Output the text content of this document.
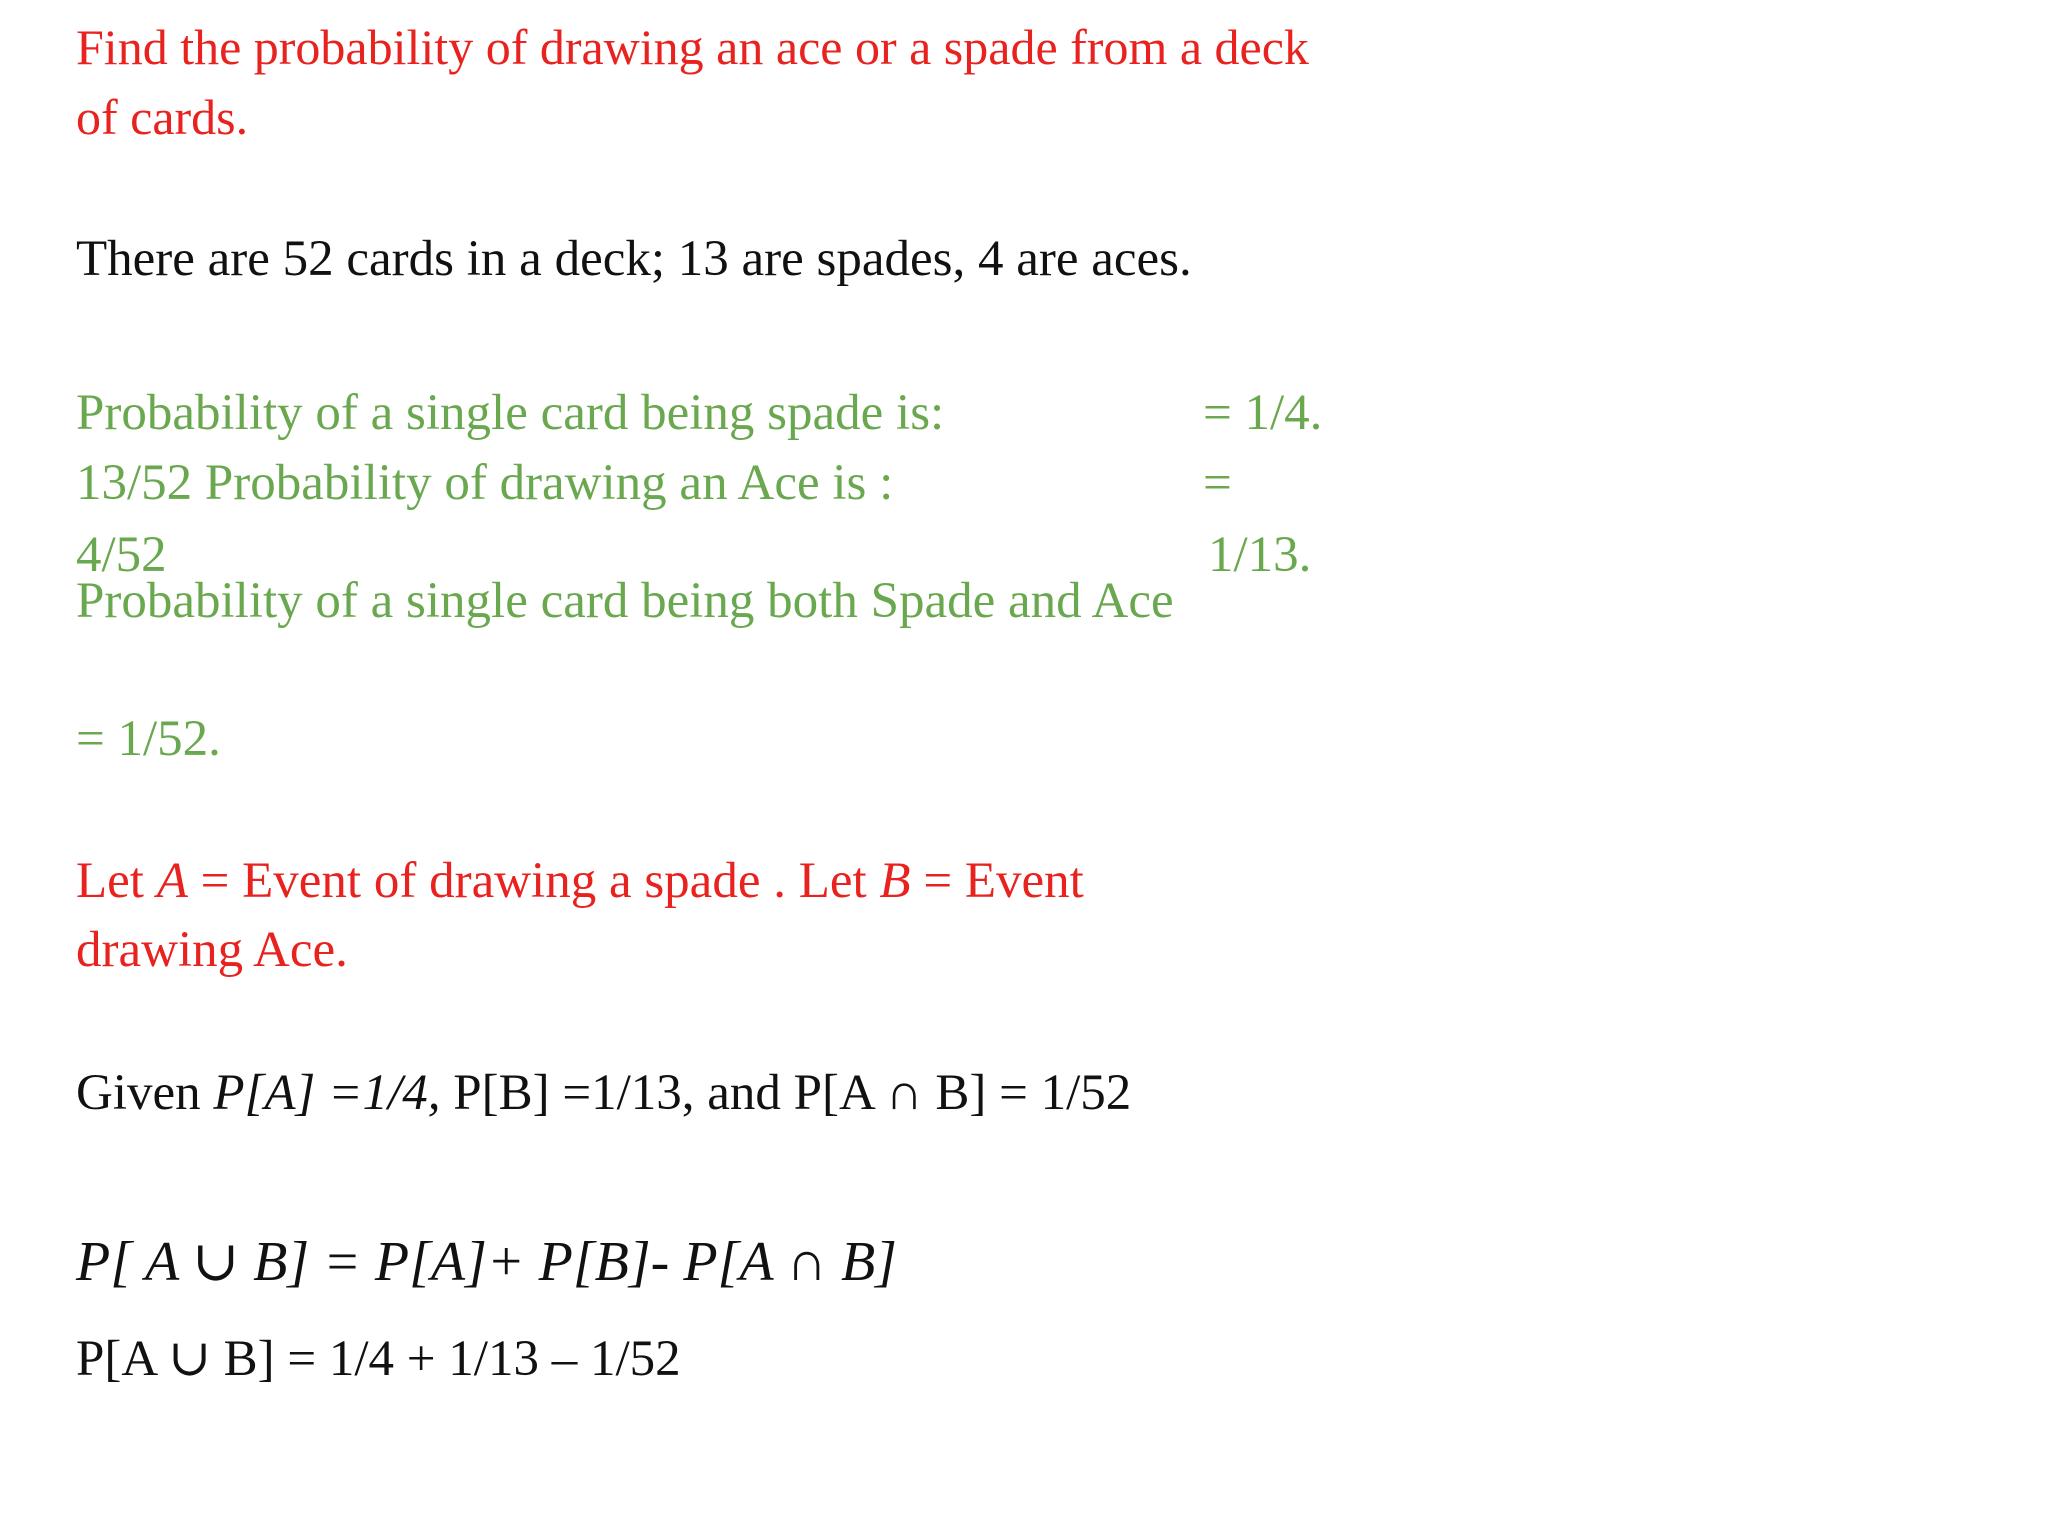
Find the probability of drawing an ace or a spade from a deck
of cards.
There are 52 cards in a deck; 13 are spades, 4 are aces.
Probability of a single card being spade is:	= 1/4.
13/52 Probability of drawing an Ace is :	=
4/52	1/13.
Probability of a single card being both Spade and Ace
= 1/52.
Let A = Event of drawing a spade . Let B = Event
drawing Ace.
Given P[A] =1/4, P[B] =1/13, and P[A ∩ B] = 1/52
P[ A ∪ B] = P[A]+ P[B]- P[A ∩ B]
P[A ∪ B] = 1/4 + 1/13 – 1/52
